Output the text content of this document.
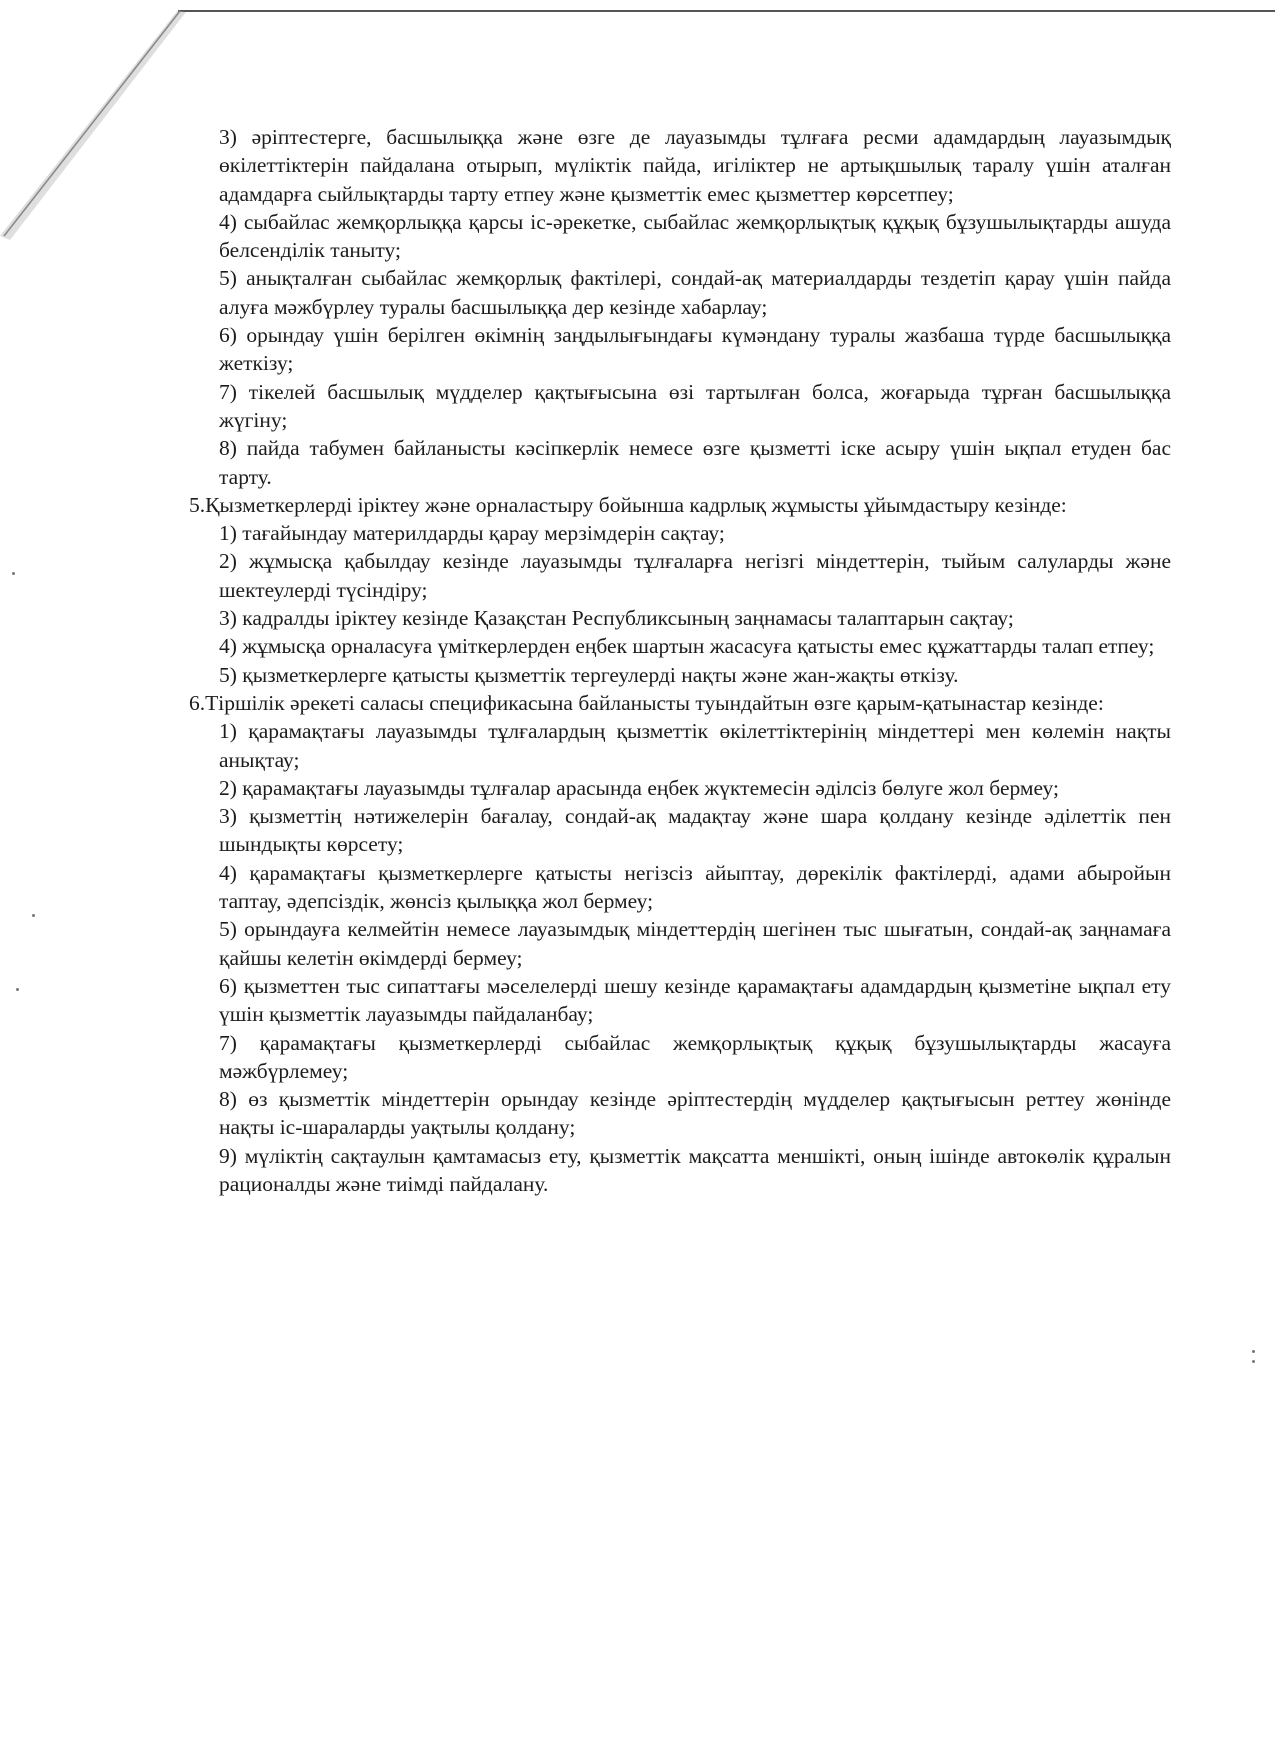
3) әріптестерге, басшылыққа және өзге де лауазымды тұлғаға ресми адамдардың лауазымдық өкілеттіктерін пайдалана отырып, мүліктік пайда, игіліктер не артықшылық таралу үшін аталған адамдарға сыйлықтарды тарту етпеу және қызметтік емес қызметтер көрсетпеу;

4) сыбайлас жемқорлыққа қарсы іс-әрекетке, сыбайлас жемқорлықтық құқық бұзушылықтарды ашуда белсенділік таныту;

5) анықталған сыбайлас жемқорлық фактілері, сондай-ақ материалдарды тездетіп қарау үшін пайда алуға мәжбүрлеу туралы басшылыққа дер кезінде хабарлау;

6) орындау үшін берілген өкімнің заңдылығындағы күмәндану туралы жазбаша түрде басшылыққа жеткізу;

7) тікелей басшылық мүдделер қақтығысына өзі тартылған болса, жоғарыда тұрған басшылыққа жүгіну;

8) пайда табумен байланысты кәсіпкерлік немесе өзге қызметті іске асыру үшін ықпал етуден бас тарту.

5.Қызметкерлерді іріктеу және орналастыру бойынша кадрлық жұмысты ұйымдастыру кезінде:

1) тағайындау материлдарды қарау мерзімдерін сақтау;

2) жұмысқа қабылдау кезінде лауазымды тұлғаларға негізгі міндеттерін, тыйым салуларды және шектеулерді түсіндіру;

3) кадралды іріктеу кезінде Қазақстан Республиксының заңнамасы талаптарын сақтау;

4) жұмысқа орналасуға үміткерлерден еңбек шартын жасасуға қатысты емес құжаттарды талап етпеу;

5) қызметкерлерге қатысты қызметтік тергеулерді нақты және жан-жақты өткізу.

6.Тіршілік әрекеті саласы спецификасына байланысты туындайтын өзге қарым-қатынастар кезінде:

1) қарамақтағы лауазымды тұлғалардың қызметтік өкілеттіктерінің міндеттері мен көлемін нақты анықтау;

2) қарамақтағы лауазымды тұлғалар арасында еңбек жүктемесін әділсіз бөлуге жол бермеу;

3) қызметтің нәтижелерін бағалау, сондай-ақ мадақтау және шара қолдану кезінде әділеттік пен шындықты көрсету;

4) қарамақтағы қызметкерлерге қатысты негізсіз айыптау, дөрекілік фактілерді, адами абыройын таптау, әдепсіздік, жөнсіз қылыққа жол бермеу;

5) орындауға келмейтін немесе лауазымдық міндеттердің шегінен тыс шығатын, сондай-ақ заңнамаға қайшы келетін өкімдерді бермеу;

6) қызметтен тыс сипаттағы мәселелерді шешу кезінде қарамақтағы адамдардың қызметіне ықпал ету үшін қызметтік лауазымды пайдаланбау;

7) қарамақтағы қызметкерлерді сыбайлас жемқорлықтық құқық бұзушылықтарды жасауға мәжбүрлемеу;

8) өз қызметтік міндеттерін орындау кезінде әріптестердің мүдделер қақтығысын реттеу жөнінде нақты іс-шараларды уақтылы қолдану;

9) мүліктің сақтаулын қамтамасыз ету, қызметтік мақсатта меншікті, оның ішінде автокөлік құралын рационалды және тиімді пайдалану.
